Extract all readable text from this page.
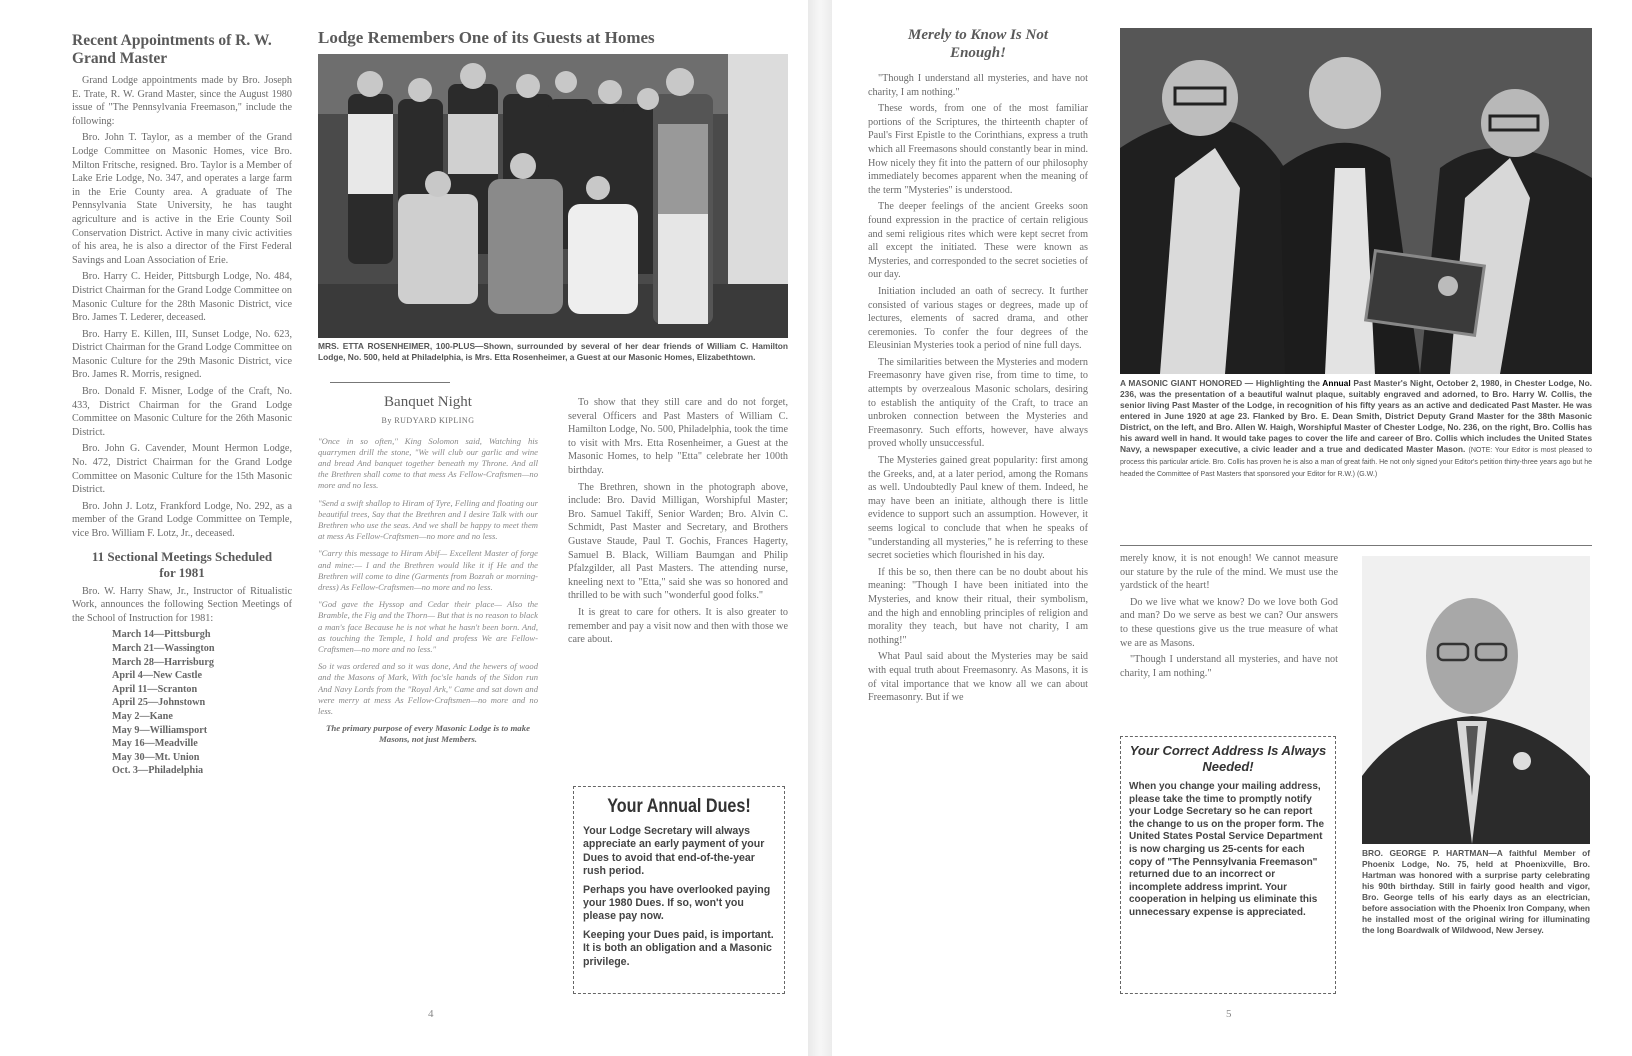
Recent Appointments of R. W. Grand Master

Grand Lodge appointments made by Bro. Joseph E. Trate, R. W. Grand Master, since the August 1980 issue of "The Pennsylvania Freemason," include the following:

Bro. John T. Taylor, as a member of the Grand Lodge Committee on Masonic Homes, vice Bro. Milton Fritsche, resigned. Bro. Taylor is a Member of Lake Erie Lodge, No. 347, and operates a large farm in the Erie County area. A graduate of The Pennsylvania State University, he has taught agriculture and is active in the Erie County Soil Conservation District. Active in many civic activities of his area, he is also a director of the First Federal Savings and Loan Association of Erie.

Bro. Harry C. Heider, Pittsburgh Lodge, No. 484, District Chairman for the Grand Lodge Committee on Masonic Culture for the 28th Masonic District, vice Bro. James T. Lederer, deceased.

Bro. Harry E. Killen, III, Sunset Lodge, No. 623, District Chairman for the Grand Lodge Committee on Masonic Culture for the 29th Masonic District, vice Bro. James R. Morris, resigned.

Bro. Donald F. Misner, Lodge of the Craft, No. 433, District Chairman for the Grand Lodge Committee on Masonic Culture for the 26th Masonic District.

Bro. John G. Cavender, Mount Hermon Lodge, No. 472, District Chairman for the Grand Lodge Committee on Masonic Culture for the 15th Masonic District.

Bro. John J. Lotz, Frankford Lodge, No. 292, as a member of the Grand Lodge Committee on Temple, vice Bro. William F. Lotz, Jr., deceased.

11 Sectional Meetings Scheduled for 1981

Bro. W. Harry Shaw, Jr., Instructor of Ritualistic Work, announces the following Section Meetings of the School of Instruction for 1981:

March 14—Pittsburgh
March 21—Wassington
March 28—Harrisburg
April 4—New Castle
April 11—Scranton
April 25—Johnstown
May 2—Kane
May 9—Williamsport
May 16—Meadville
May 30—Mt. Union
Oct. 3—Philadelphia
Lodge Remembers One of its Guests at Homes
MRS. ETTA ROSENHEIMER, 100-PLUS—Shown, surrounded by several of her dear friends of William C. Hamilton Lodge, No. 500, held at Philadelphia, is Mrs. Etta Rosenheimer, a Guest at our Masonic Homes, Elizabethtown.
Banquet Night
By RUDYARD KIPLING

"Once in so often," King Solomon said, Watching his quarrymen drill the stone, "We will club our garlic and wine and bread And banquet together beneath my Throne. And all the Brethren shall come to that mess As Fellow-Craftsmen—no more and no less.

"Send a swift shallop to Hiram of Tyre, Felling and floating our beautiful trees, Say that the Brethren and I desire Talk with our Brethren who use the seas. And we shall be happy to meet them at mess As Fellow-Craftsmen—no more and no less.

"Carry this message to Hiram Abif— Excellent Master of forge and mine:— I and the Brethren would like it if He and the Brethren will come to dine (Garments from Bozrah or morning-dress) As Fellow-Craftsmen—no more and no less.

"God gave the Hyssop and Cedar their place— Also the Bramble, the Fig and the Thorn— But that is no reason to black a man's face Because he is not what he hasn't been born. And, as touching the Temple, I hold and profess We are Fellow-Craftsmen—no more and no less."

So it was ordered and so it was done, And the hewers of wood and the Masons of Mark, With foc'sle hands of the Sidon run And Navy Lords from the "Royal Ark," Came and sat down and were merry at mess As Fellow-Craftsmen—no more and no less.

The primary purpose of every Masonic Lodge is to make Masons, not just Members.

To show that they still care and do not forget, several Officers and Past Masters of William C. Hamilton Lodge, No. 500, Philadelphia, took the time to visit with Mrs. Etta Rosenheimer, a Guest at the Masonic Homes, to help "Etta" celebrate her 100th birthday.

The Brethren, shown in the photograph above, include: Bro. David Milligan, Worshipful Master; Bro. Samuel Takiff, Senior Warden; Bro. Alvin C. Schmidt, Past Master and Secretary, and Brothers Gustave Staude, Paul T. Gochis, Frances Hagerty, Samuel B. Black, William Baumgan and Philip Pfalzgilder, all Past Masters. The attending nurse, kneeling next to "Etta," said she was so honored and thrilled to be with such "wonderful good folks."

It is great to care for others. It is also greater to remember and pay a visit now and then with those we care about.

Your Annual Dues!

Your Lodge Secretary will always appreciate an early payment of your Dues to avoid that end-of-the-year rush period.

Perhaps you have overlooked paying your 1980 Dues. If so, won't you please pay now.

Keeping your Dues paid, is important. It is both an obligation and a Masonic privilege.

4
Merely to Know Is Not Enough!

"Though I understand all mysteries, and have not charity, I am nothing."

These words, from one of the most familiar portions of the Scriptures, the thirteenth chapter of Paul's First Epistle to the Corinthians, express a truth which all Freemasons should constantly bear in mind. How nicely they fit into the pattern of our philosophy immediately becomes apparent when the meaning of the term "Mysteries" is understood.

The deeper feelings of the ancient Greeks soon found expression in the practice of certain religious and semi religious rites which were kept secret from all except the initiated. These were known as Mysteries, and corresponded to the secret societies of our day.

Initiation included an oath of secrecy. It further consisted of various stages or degrees, made up of lectures, elements of sacred drama, and other ceremonies. To confer the four degrees of the Eleusinian Mysteries took a period of nine full days.

The similarities between the Mysteries and modern Freemasonry have given rise, from time to time, to attempts by overzealous Masonic scholars, desiring to establish the antiquity of the Craft, to trace an unbroken connection between the Mysteries and Freemasonry. Such efforts, however, have always proved wholly unsuccessful.

The Mysteries gained great popularity: first among the Greeks, and, at a later period, among the Romans as well. Undoubtedly Paul knew of them. Indeed, he may have been an initiate, although there is little evidence to support such an assumption. However, it seems logical to conclude that when he speaks of "understanding all mysteries," he is referring to these secret societies which flourished in his day.

If this be so, then there can be no doubt about his meaning: "Though I have been initiated into the Mysteries, and know their ritual, their symbolism, and the high and ennobling principles of religion and morality they teach, but have not charity, I am nothing!"

What Paul said about the Mysteries may be said with equal truth about Freemasonry. As Masons, it is of vital importance that we know all we can about Freemasonry. But if we

A MASONIC GIANT HONORED — Highlighting the Annual Past Master's Night, October 2, 1980, in Chester Lodge, No. 236, was the presentation of a beautiful walnut plaque, suitably engraved and adorned, to Bro. Harry W. Collis, the senior living Past Master of the Lodge, in recognition of his fifty years as an active and dedicated Past Master. He was entered in June 1920 at age 23. Flanked by Bro. E. Dean Smith, District Deputy Grand Master for the 38th Masonic District, on the left, and Bro. Allen W. Haigh, Worshipful Master of Chester Lodge, No. 236, on the right, Bro. Collis has his award well in hand. It would take pages to cover the life and career of Bro. Collis which includes the United States Navy, a newspaper executive, a civic leader and a true and dedicated Master Mason. (NOTE: Your Editor is most pleased to process this particular article. Bro. Collis has proven he is also a man of great faith. He not only signed your Editor's petition thirty-three years ago but he headed the Committee of Past Masters that sponsored your Editor for R.W.) (G.W.)

merely know, it is not enough! We cannot measure our stature by the rule of the mind. We must use the yardstick of the heart!

Do we live what we know? Do we love both God and man? Do we serve as best we can? Our answers to these questions give us the true measure of what we are as Masons.

"Though I understand all mysteries, and have not charity, I am nothing."

Your Correct Address Is Always Needed!

When you change your mailing address, please take the time to promptly notify your Lodge Secretary so he can report the change to us on the proper form. The United States Postal Service Department is now charging us 25-cents for each copy of "The Pennsylvania Freemason" returned due to an incorrect or incomplete address imprint. Your cooperation in helping us eliminate this unnecessary expense is appreciated.

BRO. GEORGE P. HARTMAN—A faithful Member of Phoenix Lodge, No. 75, held at Phoenixville, Bro. Hartman was honored with a surprise party celebrating his 90th birthday. Still in fairly good health and vigor, Bro. George tells of his early days as an electrician, before association with the Phoenix Iron Company, when he installed most of the original wiring for illuminating the long Boardwalk of Wildwood, New Jersey.
5
